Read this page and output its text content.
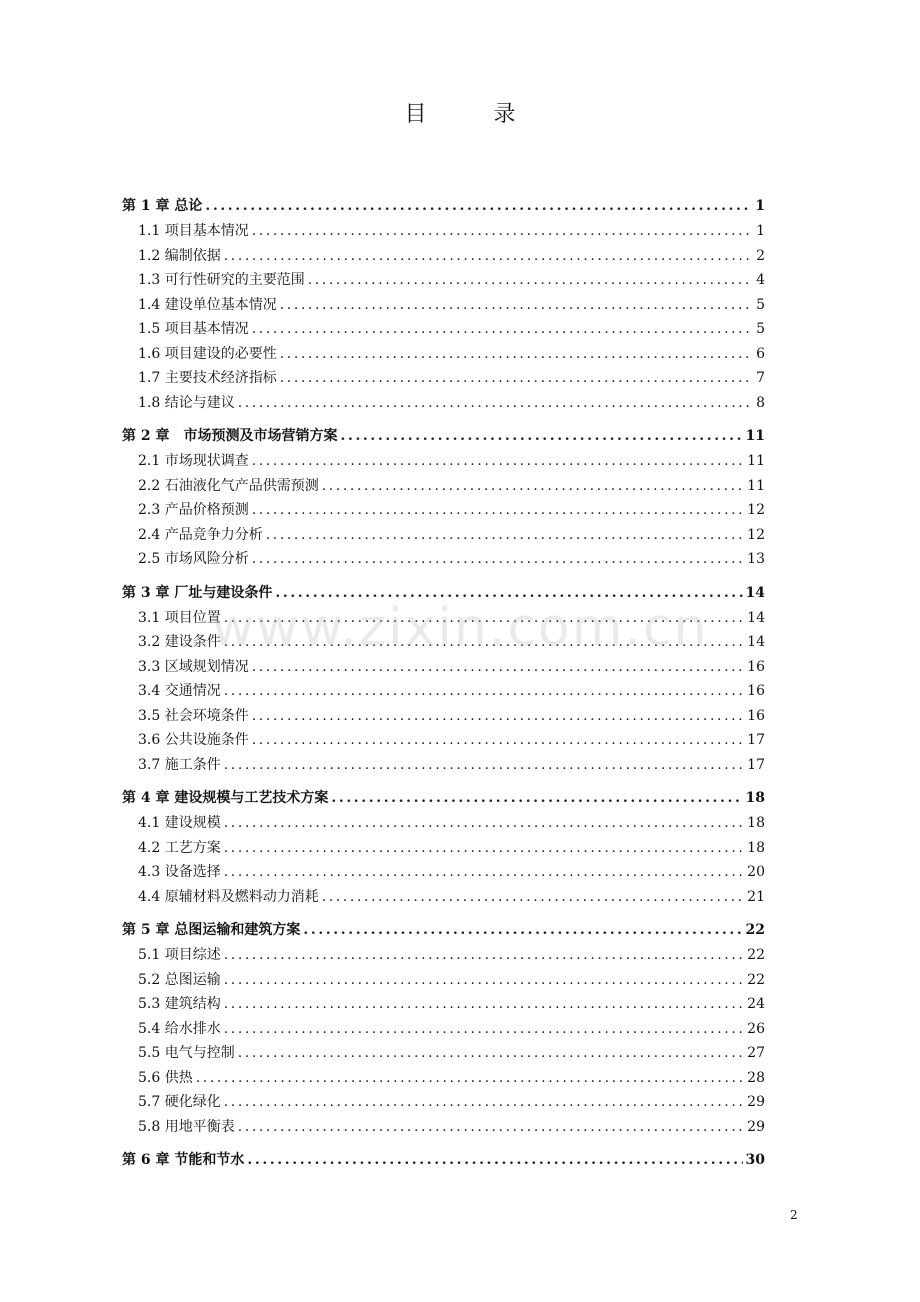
目 录
第 1 章 总论 .....	1
1.1 项目基本情况 .....	1
1.2 编制依据 .....	2
1.3 可行性研究的主要范围 .....	4
1.4 建设单位基本情况 .....	5
1.5 项目基本情况 .....	5
1.6 项目建设的必要性 .....	6
1.7 主要技术经济指标 .....	7
1.8 结论与建议 .....	8
第 2 章　市场预测及市场营销方案 .....	11
2.1 市场现状调查 .....	11
2.2 石油液化气产品供需预测 .....	11
2.3 产品价格预测 .....	12
2.4 产品竞争力分析 .....	12
2.5 市场风险分析 .....	13
第 3 章 厂址与建设条件 .....	14
3.1 项目位置 .....	14
3.2 建设条件 .....	14
3.3 区域规划情况 .....	16
3.4 交通情况 .....	16
3.5 社会环境条件 .....	16
3.6 公共设施条件 .....	17
3.7 施工条件 .....	17
第 4 章 建设规模与工艺技术方案 .....	18
4.1 建设规模 .....	18
4.2 工艺方案 .....	18
4.3 设备选择 .....	20
4.4 原辅材料及燃料动力消耗 .....	21
第 5 章 总图运输和建筑方案 .....	22
5.1 项目综述 .....	22
5.2 总图运输 .....	22
5.3 建筑结构 .....	24
5.4 给水排水 .....	26
5.5 电气与控制 .....	27
5.6 供热 .....	28
5.7 硬化绿化 .....	29
5.8 用地平衡表 .....	29
第 6 章 节能和节水 .....	30
www.zixin.com.cn
2
